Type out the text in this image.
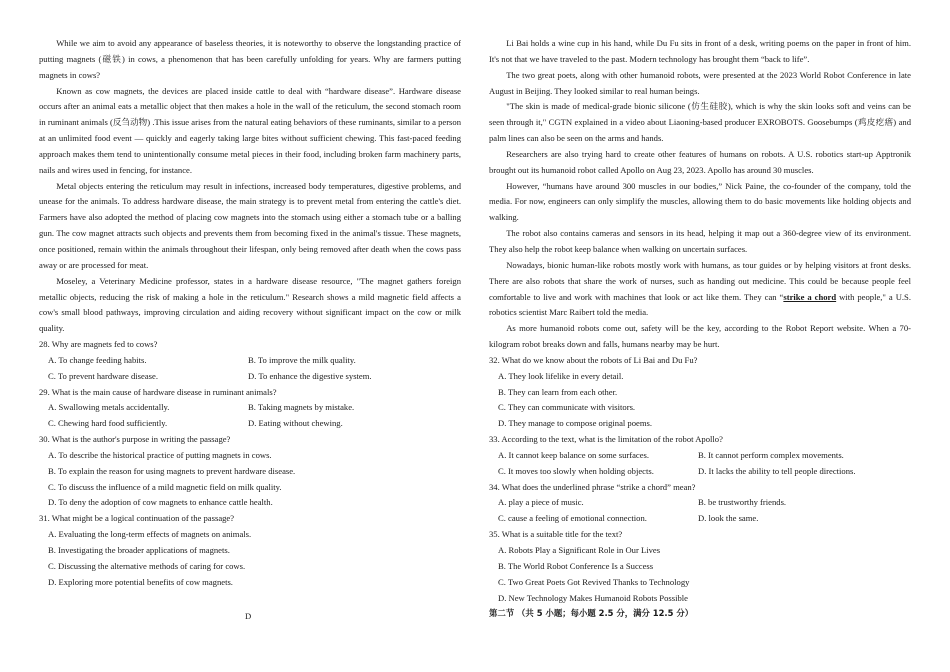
While we aim to avoid any appearance of baseless theories, it is noteworthy to observe the longstanding practice of putting magnets (磁铁) in cows, a phenomenon that has been carefully unfolding for years. Why are farmers putting magnets in cows?

Known as cow magnets, the devices are placed inside cattle to deal with “hardware disease”. Hardware disease occurs after an animal eats a metallic object that then makes a hole in the wall of the reticulum, the second stomach room in ruminant animals (反刍动物) .This issue arises from the natural eating behaviors of these ruminants, similar to a person at an unlimited food event — quickly and eagerly taking large bites without sufficient chewing. This fast-paced feeding approach makes them tend to unintentionally consume metal pieces in their food, including broken farm machinery parts, nails and wires used in fencing, for instance.

Metal objects entering the reticulum may result in infections, increased body temperatures, digestive problems, and unease for the animals. To address hardware disease, the main strategy is to prevent metal from entering the cattle's diet. Farmers have also adopted the method of placing cow magnets into the stomach using either a stomach tube or a balling gun. The cow magnet attracts such objects and prevents them from becoming fixed in the animal's tissue. These magnets, once positioned, remain within the animals throughout their lifespan, only being removed after death when the cows pass away or are processed for meat.

Moseley, a Veterinary Medicine professor, states in a hardware disease resource, "The magnet gathers foreign metallic objects, reducing the risk of making a hole in the reticulum." Research shows a mild magnetic field affects a cow's small blood pathways, improving circulation and aiding recovery without significant impact on the cow or milk quality.

28. Why are magnets fed to cows?

A. To change feeding habits.	B. To improve the milk quality.
C. To prevent hardware disease.	D. To enhance the digestive system.

29. What is the main cause of hardware disease in ruminant animals?

A. Swallowing metals accidentally.	B. Taking magnets by mistake.
C. Chewing hard food sufficiently.	D. Eating without chewing.

30. What is the author's purpose in writing the passage?

A. To describe the historical practice of putting magnets in cows.
B. To explain the reason for using magnets to prevent hardware disease.
C. To discuss the influence of a mild magnetic field on milk quality.
D. To deny the adoption of cow magnets to enhance cattle health.

31. What might be a logical continuation of the passage?

A. Evaluating the long-term effects of magnets on animals.
B. Investigating the broader applications of magnets.
C. Discussing the alternative methods of caring for cows.
D. Exploring more potential benefits of cow magnets.
D

Li Bai holds a wine cup in his hand, while Du Fu sits in front of a desk, writing poems on the paper in front of him. It's not that we have traveled to the past. Modern technology has brought them “back to life”.

The two great poets, along with other humanoid robots, were presented at the 2023 World Robot Conference in late August in Beijing. They looked similar to real human beings.

"The skin is made of medical-grade bionic silicone (仿生硅胶), which is why the skin looks soft and veins can be seen through it," CGTN explained in a video about Liaoning-based producer EXROBOTS. Goosebumps (鸡皮疙瘩) and palm lines can also be seen on the arms and hands.

Researchers are also trying hard to create other features of humans on robots. A U.S. robotics start-up Apptronik brought out its humanoid robot called Apollo on Aug 23, 2023. Apollo has around 30 muscles.

However, “humans have around 300 muscles in our bodies,” Nick Paine, the co-founder of the company, told the media. For now, engineers can only simplify the muscles, allowing them to do basic movements like holding objects and walking.

The robot also contains cameras and sensors in its head, helping it map out a 360-degree view of its environment. They also help the robot keep balance when walking on uncertain surfaces.

Nowadays, bionic human-like robots mostly work with humans, as tour guides or by helping visitors at front desks. There are also robots that share the work of nurses, such as handing out medicine. This could be because people feel comfortable to live and work with machines that look or act like them. They can “strike a chord with people," a U.S. robotics scientist Marc Raibert told the media.

As more humanoid robots come out, safety will be the key, according to the Robot Report website. When a 70-kilogram robot breaks down and falls, humans nearby may be hurt.

32. What do we know about the robots of Li Bai and Du Fu?

A. They look lifelike in every detail.
B. They can learn from each other.
C. They can communicate with visitors.
D. They manage to compose original poems.

33. According to the text, what is the limitation of the robot Apollo?

A. It cannot keep balance on some surfaces.	B. It cannot perform complex movements.
C. It moves too slowly when holding objects.	D. It lacks the ability to tell people directions.

34. What does the underlined phrase “strike a chord” mean?

A. play a piece of music.	B. be trustworthy friends.
C. cause a feeling of emotional connection.	D. look the same.

35. What is a suitable title for the text?

A. Robots Play a Significant Role in Our Lives
B. The World Robot Conference Is a Success
C. Two Great Poets Got Revived Thanks to Technology
D. New Technology Makes Humanoid Robots Possible

第二节 （共 5 小题；每小题 2.5 分，满分 12.5 分）
